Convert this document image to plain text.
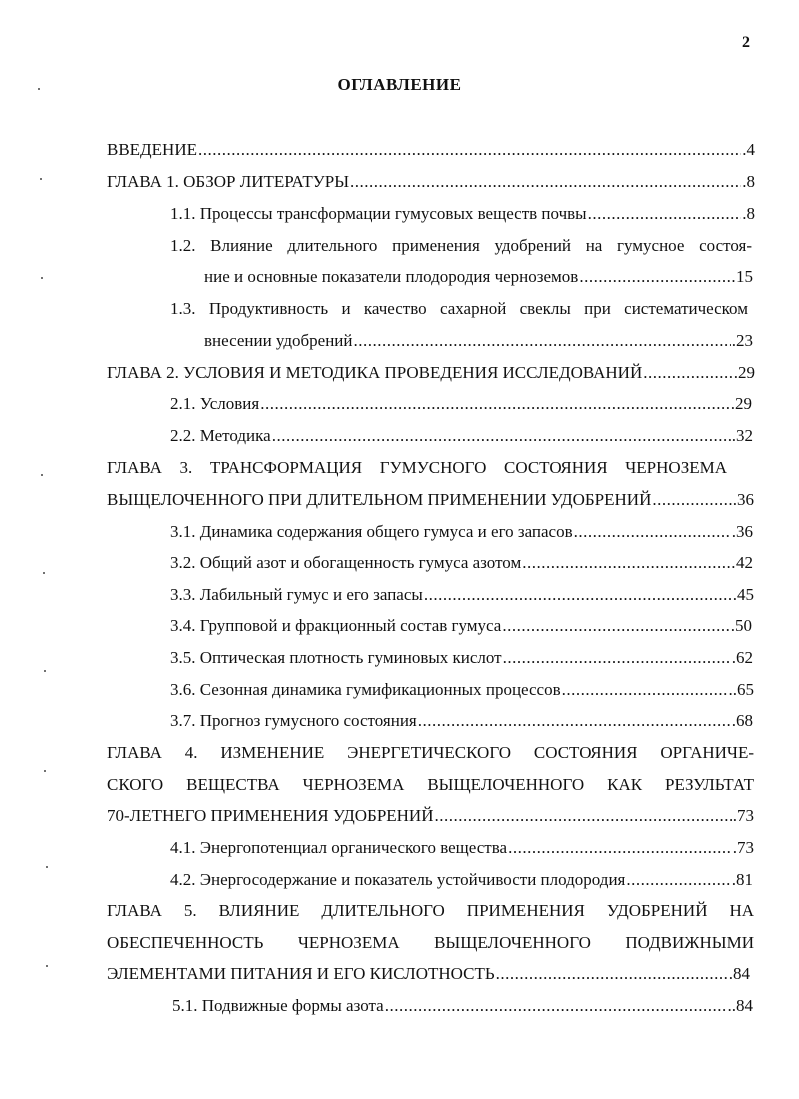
2
ОГЛАВЛЕНИЕ
ВВЕДЕНИЕ .....	.4
ГЛАВА 1. ОБЗОР ЛИТЕРАТУРЫ .....	.8
1.1. Процессы трансформации гумусовых веществ почвы .....	.8
1.2. Влияние длительного применения удобрений на гумусное состоя-
ние и основные показатели плодородия черноземов .....	15
1.3. Продуктивность и качество сахарной свеклы при систематическом
внесении удобрений .....	.23
ГЛАВА 2. УСЛОВИЯ И МЕТОДИКА ПРОВЕДЕНИЯ ИССЛЕДОВАНИЙ .....	.29
2.1. Условия .....	.29
2.2. Методика .....	.32
ГЛАВА 3. ТРАНСФОРМАЦИЯ ГУМУСНОГО СОСТОЯНИЯ ЧЕРНОЗЕМА
ВЫЩЕЛОЧЕННОГО ПРИ ДЛИТЕЛЬНОМ ПРИМЕНЕНИИ УДОБРЕНИЙ .....	.36
3.1. Динамика содержания общего гумуса и его запасов .....	.36
3.2. Общий азот и обогащенность гумуса азотом .....	42
3.3. Лабильный гумус и его запасы .....	.45
3.4. Групповой и фракционный состав гумуса .....	.50
3.5. Оптическая плотность гуминовых кислот .....	.62
3.6. Сезонная динамика гумификационных процессов .....	..65
3.7. Прогноз гумусного состояния .....	.68
ГЛАВА 4. ИЗМЕНЕНИЕ ЭНЕРГЕТИЧЕСКОГО СОСТОЯНИЯ ОРГАНИЧЕ-
СКОГО ВЕЩЕСТВА ЧЕРНОЗЕМА ВЫЩЕЛОЧЕННОГО КАК РЕЗУЛЬТАТ
70-ЛЕТНЕГО ПРИМЕНЕНИЯ УДОБРЕНИЙ .....	.73
4.1. Энергопотенциал органического вещества .....	.73
4.2. Энергосодержание и показатель устойчивости плодородия .....	.81
ГЛАВА 5. ВЛИЯНИЕ ДЛИТЕЛЬНОГО ПРИМЕНЕНИЯ УДОБРЕНИЙ НА
ОБЕСПЕЧЕННОСТЬ ЧЕРНОЗЕМА ВЫЩЕЛОЧЕННОГО ПОДВИЖНЫМИ
ЭЛЕМЕНТАМИ ПИТАНИЯ И ЕГО КИСЛОТНОСТЬ .....	.84
5.1. Подвижные формы азота .....	..84
